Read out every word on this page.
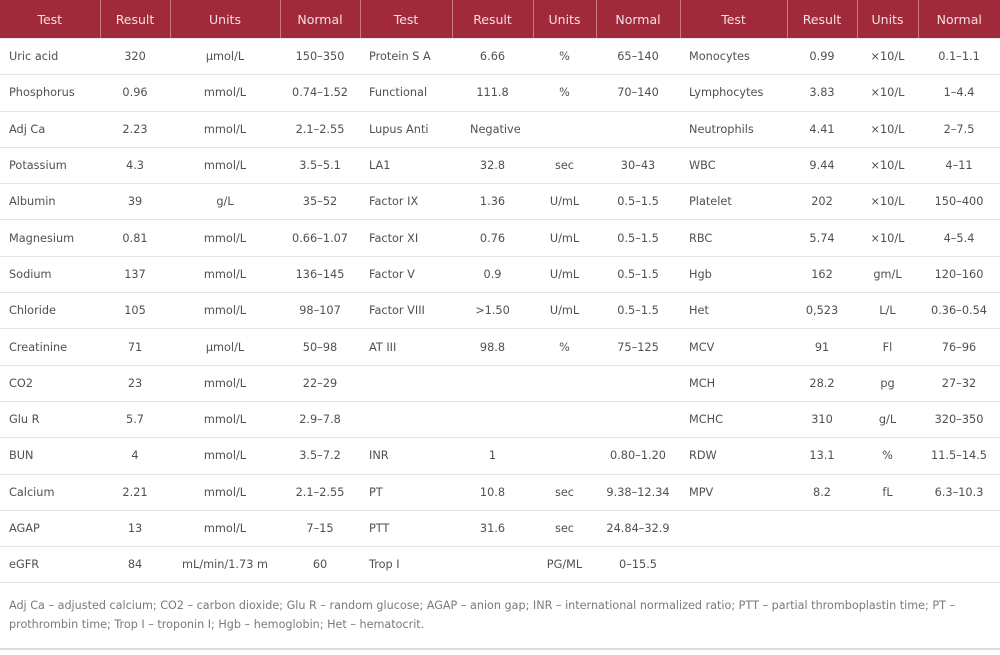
Test	Result	Units	Normal	Test	Result	Units	Normal	Test	Result	Units	Normal
Uric acid	320	µmol/L	150–350	Protein S A	6.66	%	65–140	Monocytes	0.99	×10/L	0.1–1.1
Phosphorus	0.96	mmol/L	0.74–1.52	Functional	111.8	%	70–140	Lymphocytes	3.83	×10/L	1–4.4
Adj Ca	2.23	mmol/L	2.1–2.55	Lupus Anti	Negative			Neutrophils	4.41	×10/L	2–7.5
Potassium	4.3	mmol/L	3.5–5.1	LA1	32.8	sec	30–43	WBC	9.44	×10/L	4–11
Albumin	39	g/L	35–52	Factor IX	1.36	U/mL	0.5–1.5	Platelet	202	×10/L	150–400
Magnesium	0.81	mmol/L	0.66–1.07	Factor XI	0.76	U/mL	0.5–1.5	RBC	5.74	×10/L	4–5.4
Sodium	137	mmol/L	136–145	Factor V	0.9	U/mL	0.5–1.5	Hgb	162	gm/L	120–160
Chloride	105	mmol/L	98–107	Factor VIII	>1.50	U/mL	0.5–1.5	Het	0,523	L/L	0.36–0.54
Creatinine	71	µmol/L	50–98	AT III	98.8	%	75–125	MCV	91	Fl	76–96
CO2	23	mmol/L	22–29					MCH	28.2	pg	27–32
Glu R	5.7	mmol/L	2.9–7.8					MCHC	310	g/L	320–350
BUN	4	mmol/L	3.5–7.2	INR	1		0.80–1.20	RDW	13.1	%	11.5–14.5
Calcium	2.21	mmol/L	2.1–2.55	PT	10.8	sec	9.38–12.34	MPV	8.2	fL	6.3–10.3
AGAP	13	mmol/L	7–15	PTT	31.6	sec	24.84–32.9				
eGFR	84	mL/min/1.73 m	60	Trop I		PG/ML	0–15.5				
Adj Ca – adjusted calcium; CO2 – carbon dioxide; Glu R – random glucose; AGAP – anion gap; INR – international normalized ratio; PTT – partial thromboplastin time; PT – prothrombin time; Trop I – troponin I; Hgb – hemoglobin; Het – hematocrit.
